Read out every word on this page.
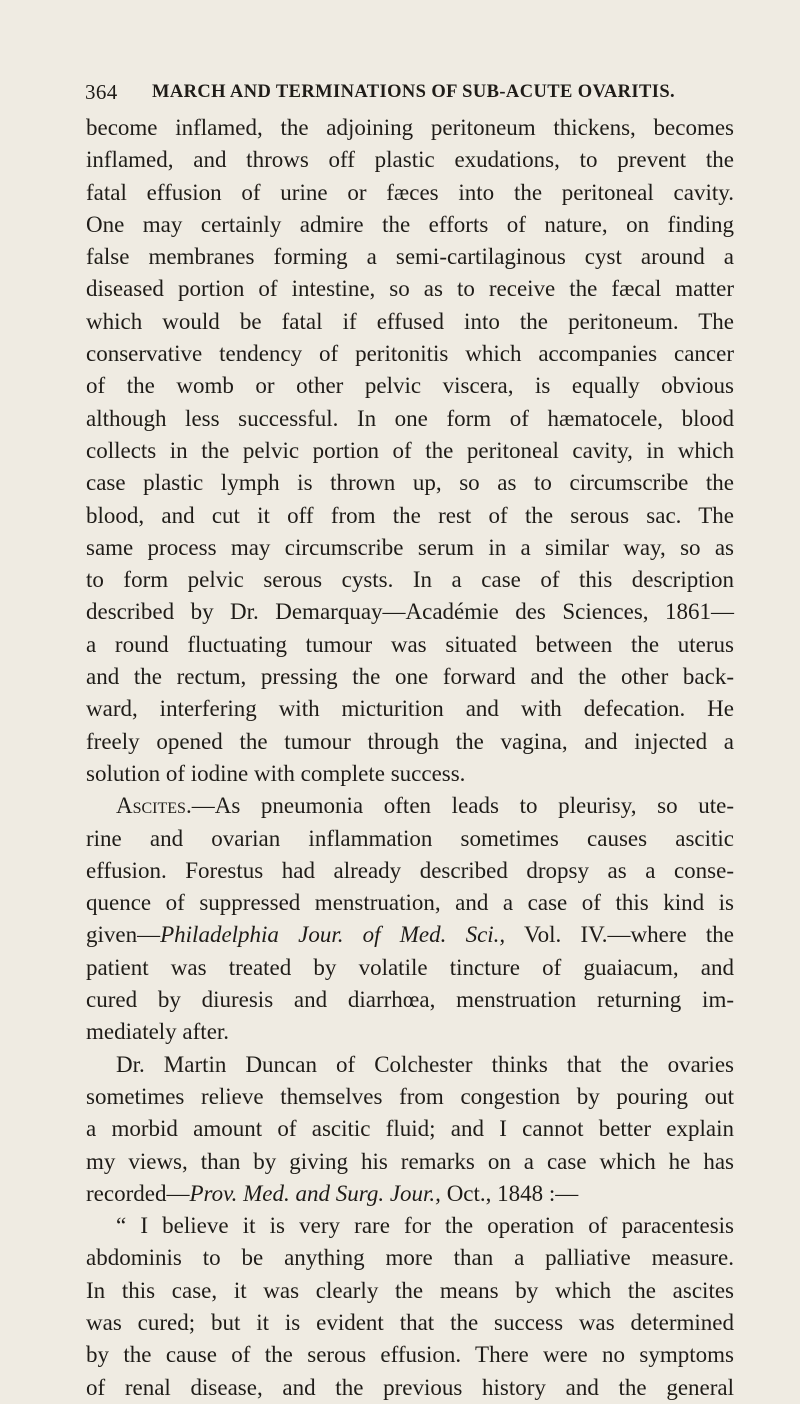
364 MARCH AND TERMINATIONS OF SUB-ACUTE OVARITIS.
become inflamed, the adjoining peritoneum thickens, becomes
inflamed, and throws off plastic exudations, to prevent the
fatal effusion of urine or fæces into the peritoneal cavity.
One may certainly admire the efforts of nature, on finding
false membranes forming a semi-cartilaginous cyst around a
diseased portion of intestine, so as to receive the fæcal matter
which would be fatal if effused into the peritoneum. The
conservative tendency of peritonitis which accompanies cancer
of the womb or other pelvic viscera, is equally obvious
although less successful. In one form of hæmatocele, blood
collects in the pelvic portion of the peritoneal cavity, in which
case plastic lymph is thrown up, so as to circumscribe the
blood, and cut it off from the rest of the serous sac. The
same process may circumscribe serum in a similar way, so as
to form pelvic serous cysts. In a case of this description
described by Dr. Demarquay—Académie des Sciences, 1861—
a round fluctuating tumour was situated between the uterus
and the rectum, pressing the one forward and the other back-
ward, interfering with micturition and with defecation. He
freely opened the tumour through the vagina, and injected a
solution of iodine with complete success.
Ascites.—As pneumonia often leads to pleurisy, so ute-
rine and ovarian inflammation sometimes causes ascitic
effusion. Forestus had already described dropsy as a conse-
quence of suppressed menstruation, and a case of this kind is
given—Philadelphia Jour. of Med. Sci., Vol. IV.—where the
patient was treated by volatile tincture of guaiacum, and
cured by diuresis and diarrhœa, menstruation returning im-
mediately after.
Dr. Martin Duncan of Colchester thinks that the ovaries
sometimes relieve themselves from congestion by pouring out
a morbid amount of ascitic fluid; and I cannot better explain
my views, than by giving his remarks on a case which he has
recorded—Prov. Med. and Surg. Jour., Oct., 1848 :—
“ I believe it is very rare for the operation of paracentesis
abdominis to be anything more than a palliative measure.
In this case, it was clearly the means by which the ascites
was cured; but it is evident that the success was determined
by the cause of the serous effusion. There were no symptoms
of renal disease, and the previous history and the general
